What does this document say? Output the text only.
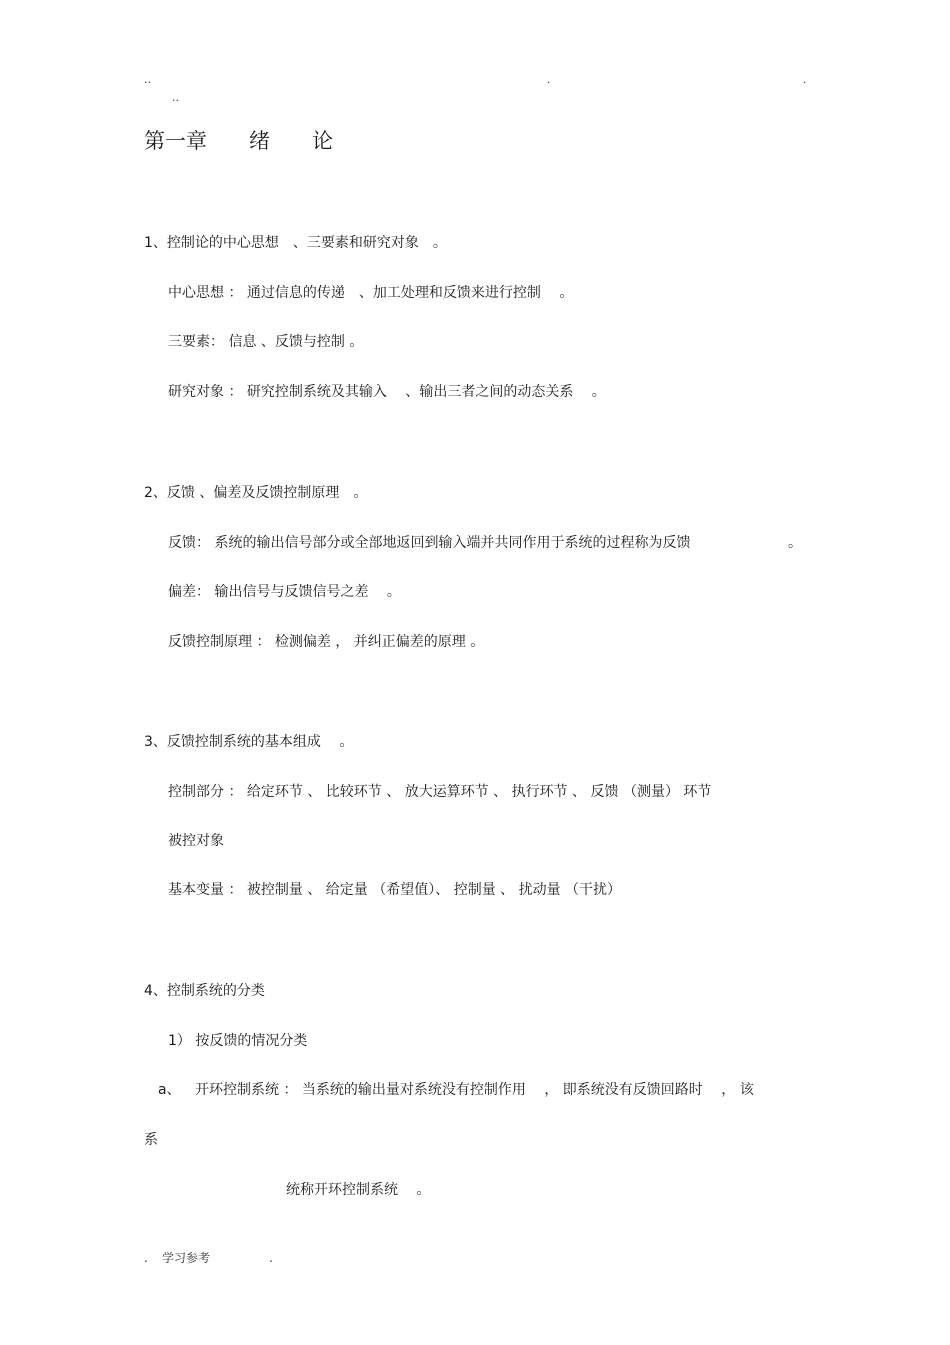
..
..
.	.
第一章　　绪　　论
1、控制论的中心思想　、三要素和研究对象　。
中心思想 ： 通过信息的传递　、加工处理和反馈来进行控制　 。
三要素： 信息 、反馈与控制 。
研究对象 ： 研究控制系统及其输入　 、输出三者之间的动态关系　 。
2、反馈 、偏差及反馈控制原理　。
反馈： 系统的输出信号部分或全部地返回到输入端并共同作用于系统的过程称为反馈	。
偏差： 输出信号与反馈信号之差　 。
反馈控制原理 ： 检测偏差 ， 并纠正偏差的原理 。
3、反馈控制系统的基本组成　 。
控制部分 ： 给定环节 、 比较环节 、 放大运算环节 、 执行环节 、 反馈 （测量） 环节
被控对象
基本变量 ： 被控制量 、 给定量 （希望值）、 控制量 、 扰动量 （干扰）
4、控制系统的分类
1） 按反馈的情况分类
a、 开环控制系统 ： 当系统的输出量对系统没有控制作用　 ， 即系统没有反馈回路时　 ， 该
系
统称开环控制系统　 。
. 学习参考	.
